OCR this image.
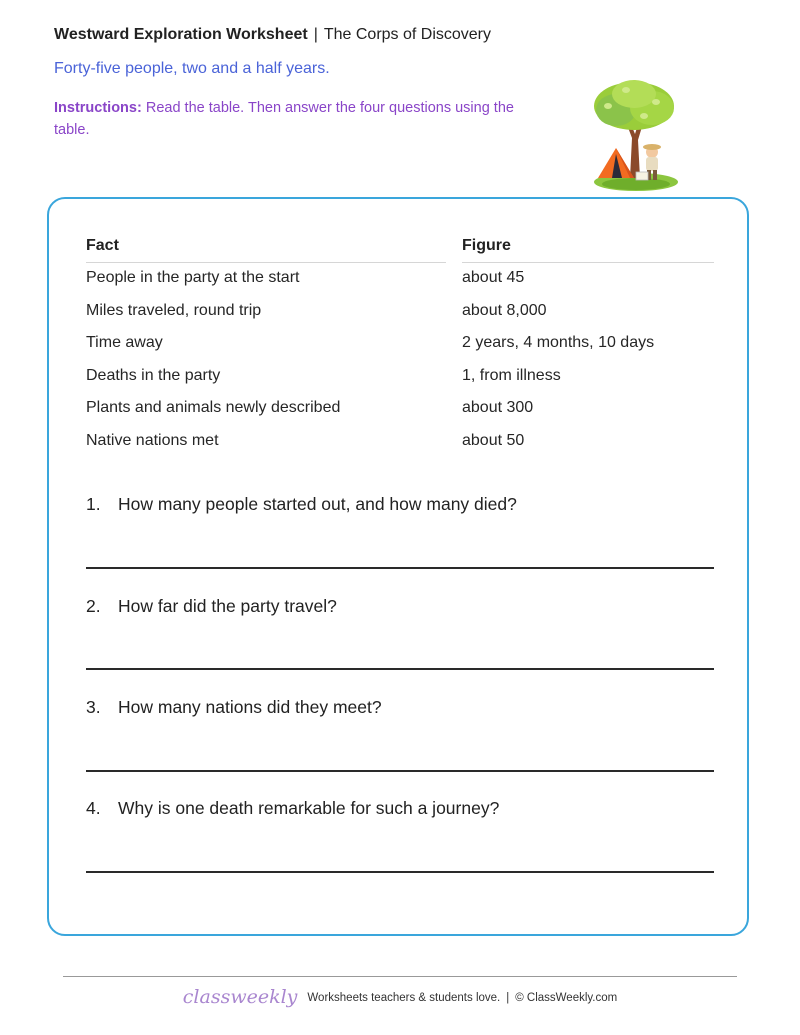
Westward Exploration Worksheet | The Corps of Discovery
Forty-five people, two and a half years.
Instructions: Read the table. Then answer the four questions using the table.
Fact	Figure
People in the party at the start	about 45
Miles traveled, round trip	about 8,000
Time away	2 years, 4 months, 10 days
Deaths in the party	1, from illness
Plants and animals newly described	about 300
Native nations met	about 50
1. How many people started out, and how many died?
2. How far did the party travel?
3. How many nations did they meet?
4. Why is one death remarkable for such a journey?
classweekly Worksheets teachers & students love. | © ClassWeekly.com
